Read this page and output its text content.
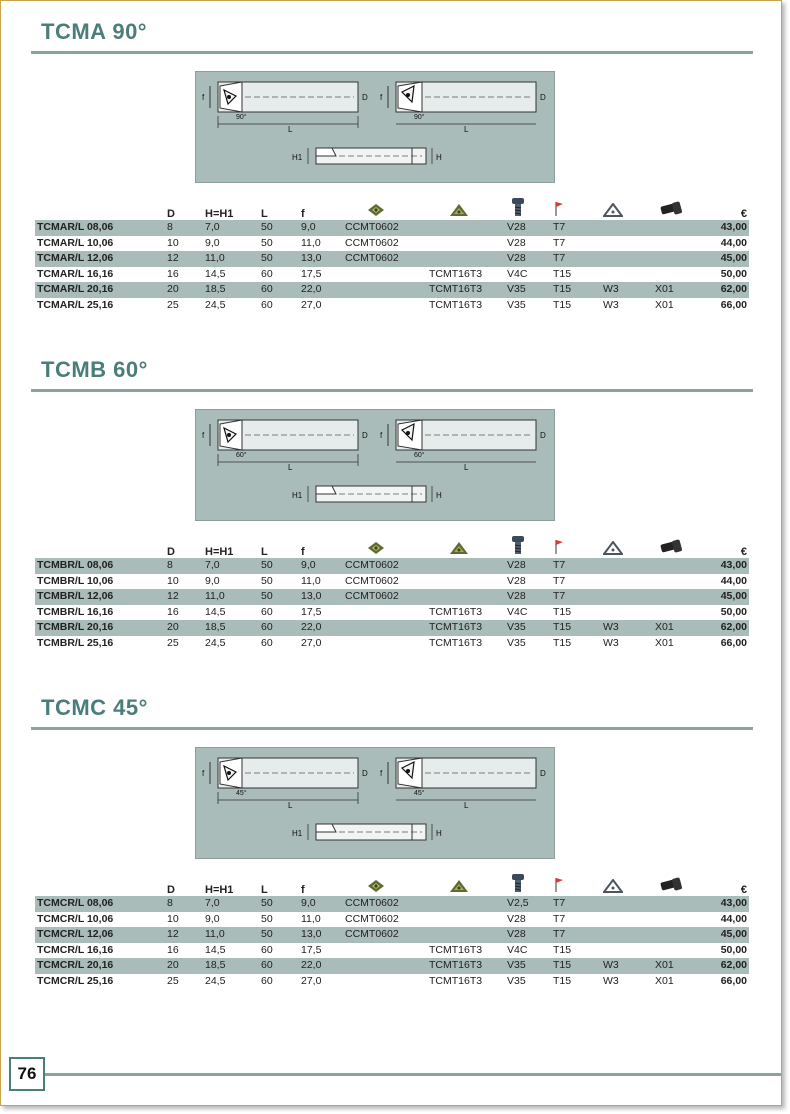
TCMA 90°
f	D
L
90°
f	D
L
90°
H1	H
	D	H=H1	L	f							€
TCMAR/L 08,06	8	7,0	50	9,0	CCMT0602		V28	T7			43,00
TCMAR/L 10,06	10	9,0	50	11,0	CCMT0602		V28	T7			44,00
TCMAR/L 12,06	12	11,0	50	13,0	CCMT0602		V28	T7			45,00
TCMAR/L 16,16	16	14,5	60	17,5		TCMT16T3	V4C	T15			50,00
TCMAR/L 20,16	20	18,5	60	22,0		TCMT16T3	V35	T15	W3	X01	62,00
TCMAR/L 25,16	25	24,5	60	27,0		TCMT16T3	V35	T15	W3	X01	66,00
TCMB 60°
f	D
L
60°
f	D
L
60°
H1	H
	D	H=H1	L	f							€
TCMBR/L 08,06	8	7,0	50	9,0	CCMT0602		V28	T7			43,00
TCMBR/L 10,06	10	9,0	50	11,0	CCMT0602		V28	T7			44,00
TCMBR/L 12,06	12	11,0	50	13,0	CCMT0602		V28	T7			45,00
TCMBR/L 16,16	16	14,5	60	17,5		TCMT16T3	V4C	T15			50,00
TCMBR/L 20,16	20	18,5	60	22,0		TCMT16T3	V35	T15	W3	X01	62,00
TCMBR/L 25,16	25	24,5	60	27,0		TCMT16T3	V35	T15	W3	X01	66,00
TCMC 45°
f	D
L
45°
f	D
L
45°
H1	H
	D	H=H1	L	f							€
TCMCR/L 08,06	8	7,0	50	9,0	CCMT0602		V2,5	T7			43,00
TCMCR/L 10,06	10	9,0	50	11,0	CCMT0602		V28	T7			44,00
TCMCR/L 12,06	12	11,0	50	13,0	CCMT0602		V28	T7			45,00
TCMCR/L 16,16	16	14,5	60	17,5		TCMT16T3	V4C	T15			50,00
TCMCR/L 20,16	20	18,5	60	22,0		TCMT16T3	V35	T15	W3	X01	62,00
TCMCR/L 25,16	25	24,5	60	27,0		TCMT16T3	V35	T15	W3	X01	66,00
76
